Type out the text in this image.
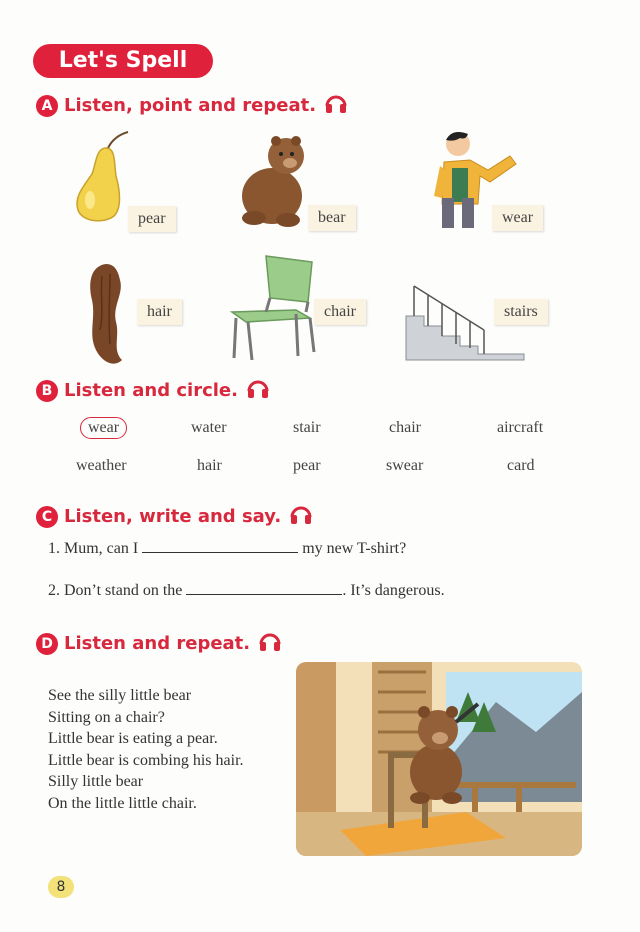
Let's Spell
A Listen, point and repeat.
pear	bear	wear
hair	chair	stairs
B Listen and circle.
wear	water	stair	chair	aircraft
weather	hair	pear	swear	card
C Listen, write and say.
1. Mum, can I	my new T-shirt?
2. Don’t stand on the	. It’s dangerous.
D Listen and repeat.
See the silly little bear
Sitting on a chair?
Little bear is eating a pear.
Little bear is combing his hair.
Silly little bear
On the little little chair.
8
